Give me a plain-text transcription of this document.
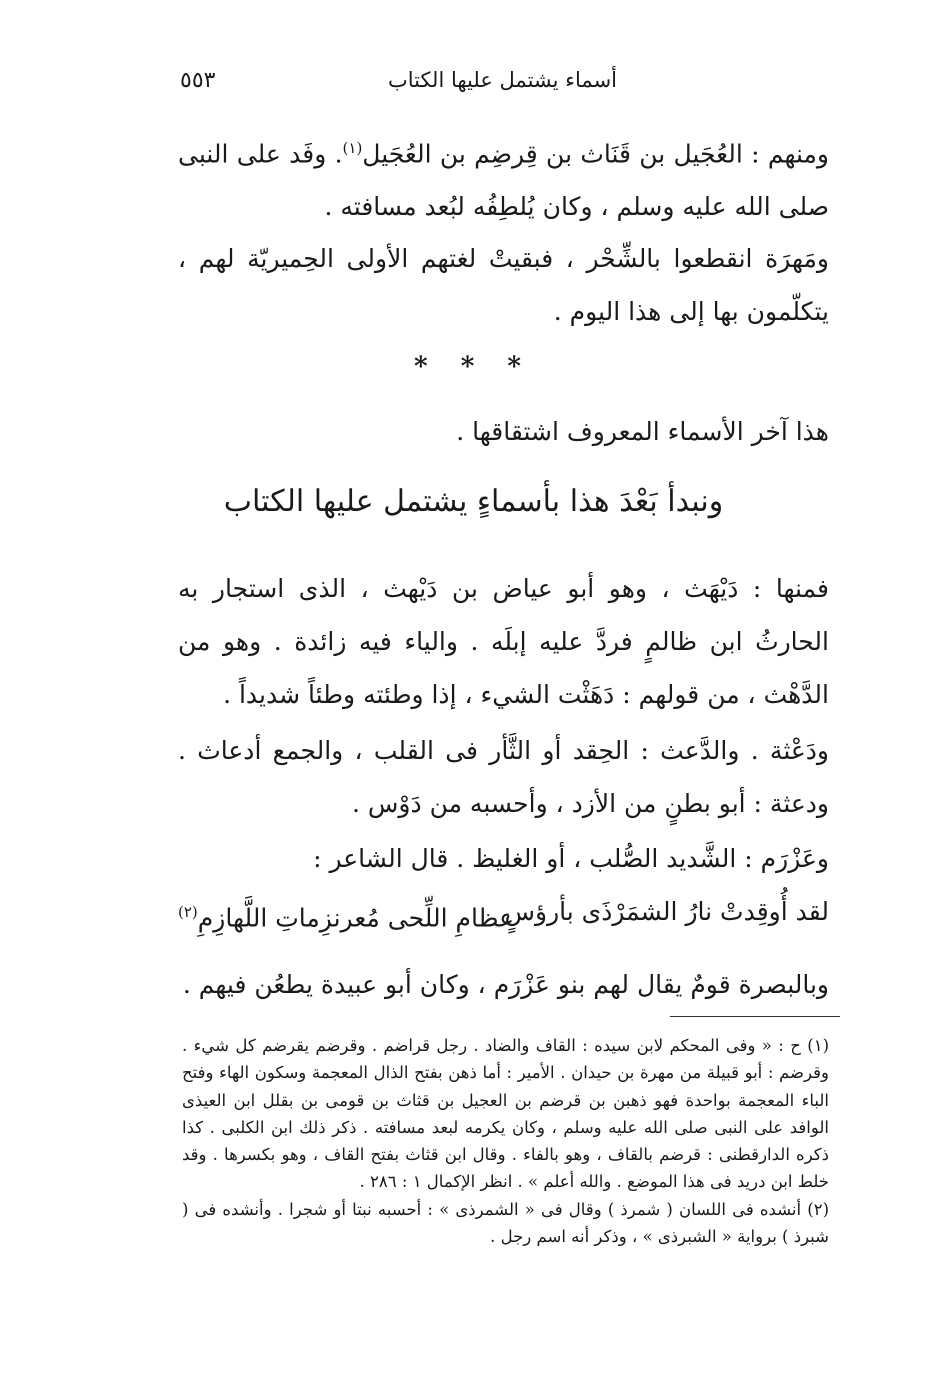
أسماء يشتمل عليها الكتاب
٥٥٣
ومنهم : العُجَيل بن قَنَاث بن قِرضِم بن العُجَيل$^{(١)}$. وفَد على النبى صلى الله عليه وسلم ، وكان يُلطِفُه لبُعد مسافته .
ومَهرَة انقطعوا بالشِّحْر ، فبقيتْ لغتهم الأولى الحِميريّة لهم ، يتكلّمون بها إلى هذا اليوم .
* * *
هذا آخر الأسماء المعروف اشتقاقها .
ونبدأ بَعْدَ هذا بأسماءٍ يشتمل عليها الكتاب
فمنها : دَيْهَث ، وهو أبو عياض بن دَيْهث ، الذى استجار به الحارثُ ابن ظالمٍ فردَّ عليه إبلَه . والياء فيه زائدة . وهو من الدَّهْث ، من قولهم : دَهَثْت الشيء ، إذا وطئته وطئاً شديداً .
ودَعْثة . والدَّعث : الحِقد أو الثَّأر فى القلب ، والجمع أدعاث . ودعثة : أبو بطنٍ من الأزد ، وأحسبه من دَوْس .
وعَزْرَم : الشَّديد الصُّلب ، أو الغليظ . قال الشاعر :
لقد أُوقِدتْ نارُ الشمَرْذَى بأرؤسٍ
عظامِ اللِّحى مُعرنزِماتِ اللَّهازِمِ$^{(٢)}$
وبالبصرة قومٌ يقال لهم بنو عَزْرَم ، وكان أبو عبيدة يطعُن فيهم .

(١) ح : « وفى المحكم لابن سيده : القاف والضاد . رجل قراضم . وقرضم يقرضم كل شيء . وقرضم : أبو قبيلة من مهرة بن حيدان . الأمير : أما ذهن بفتح الذال المعجمة وسكون الهاء وفتح الباء المعجمة بواحدة فهو ذهبن بن قرضم بن العجيل بن قثاث بن قومى بن بقلل ابن العيذى الوافد على النبى صلى الله عليه وسلم ، وكان يكرمه لبعد مسافته . ذكر ذلك ابن الكلبى . كذا ذكره الدارقطنى : قرضم بالقاف ، وهو بالفاء . وقال ابن قثاث بفتح القاف ، وهو بكسرها . وقد خلط ابن دريد فى هذا الموضع . والله أعلم » . انظر الإكمال ١ : ٢٨٦ .

(٢) أنشده فى اللسان ( شمرذ ) وقال فى « الشمرذى » : أحسبه نبتا أو شجرا . وأنشده فى ( شبرذ ) برواية « الشبرذى » ، وذكر أنه اسم رجل .
